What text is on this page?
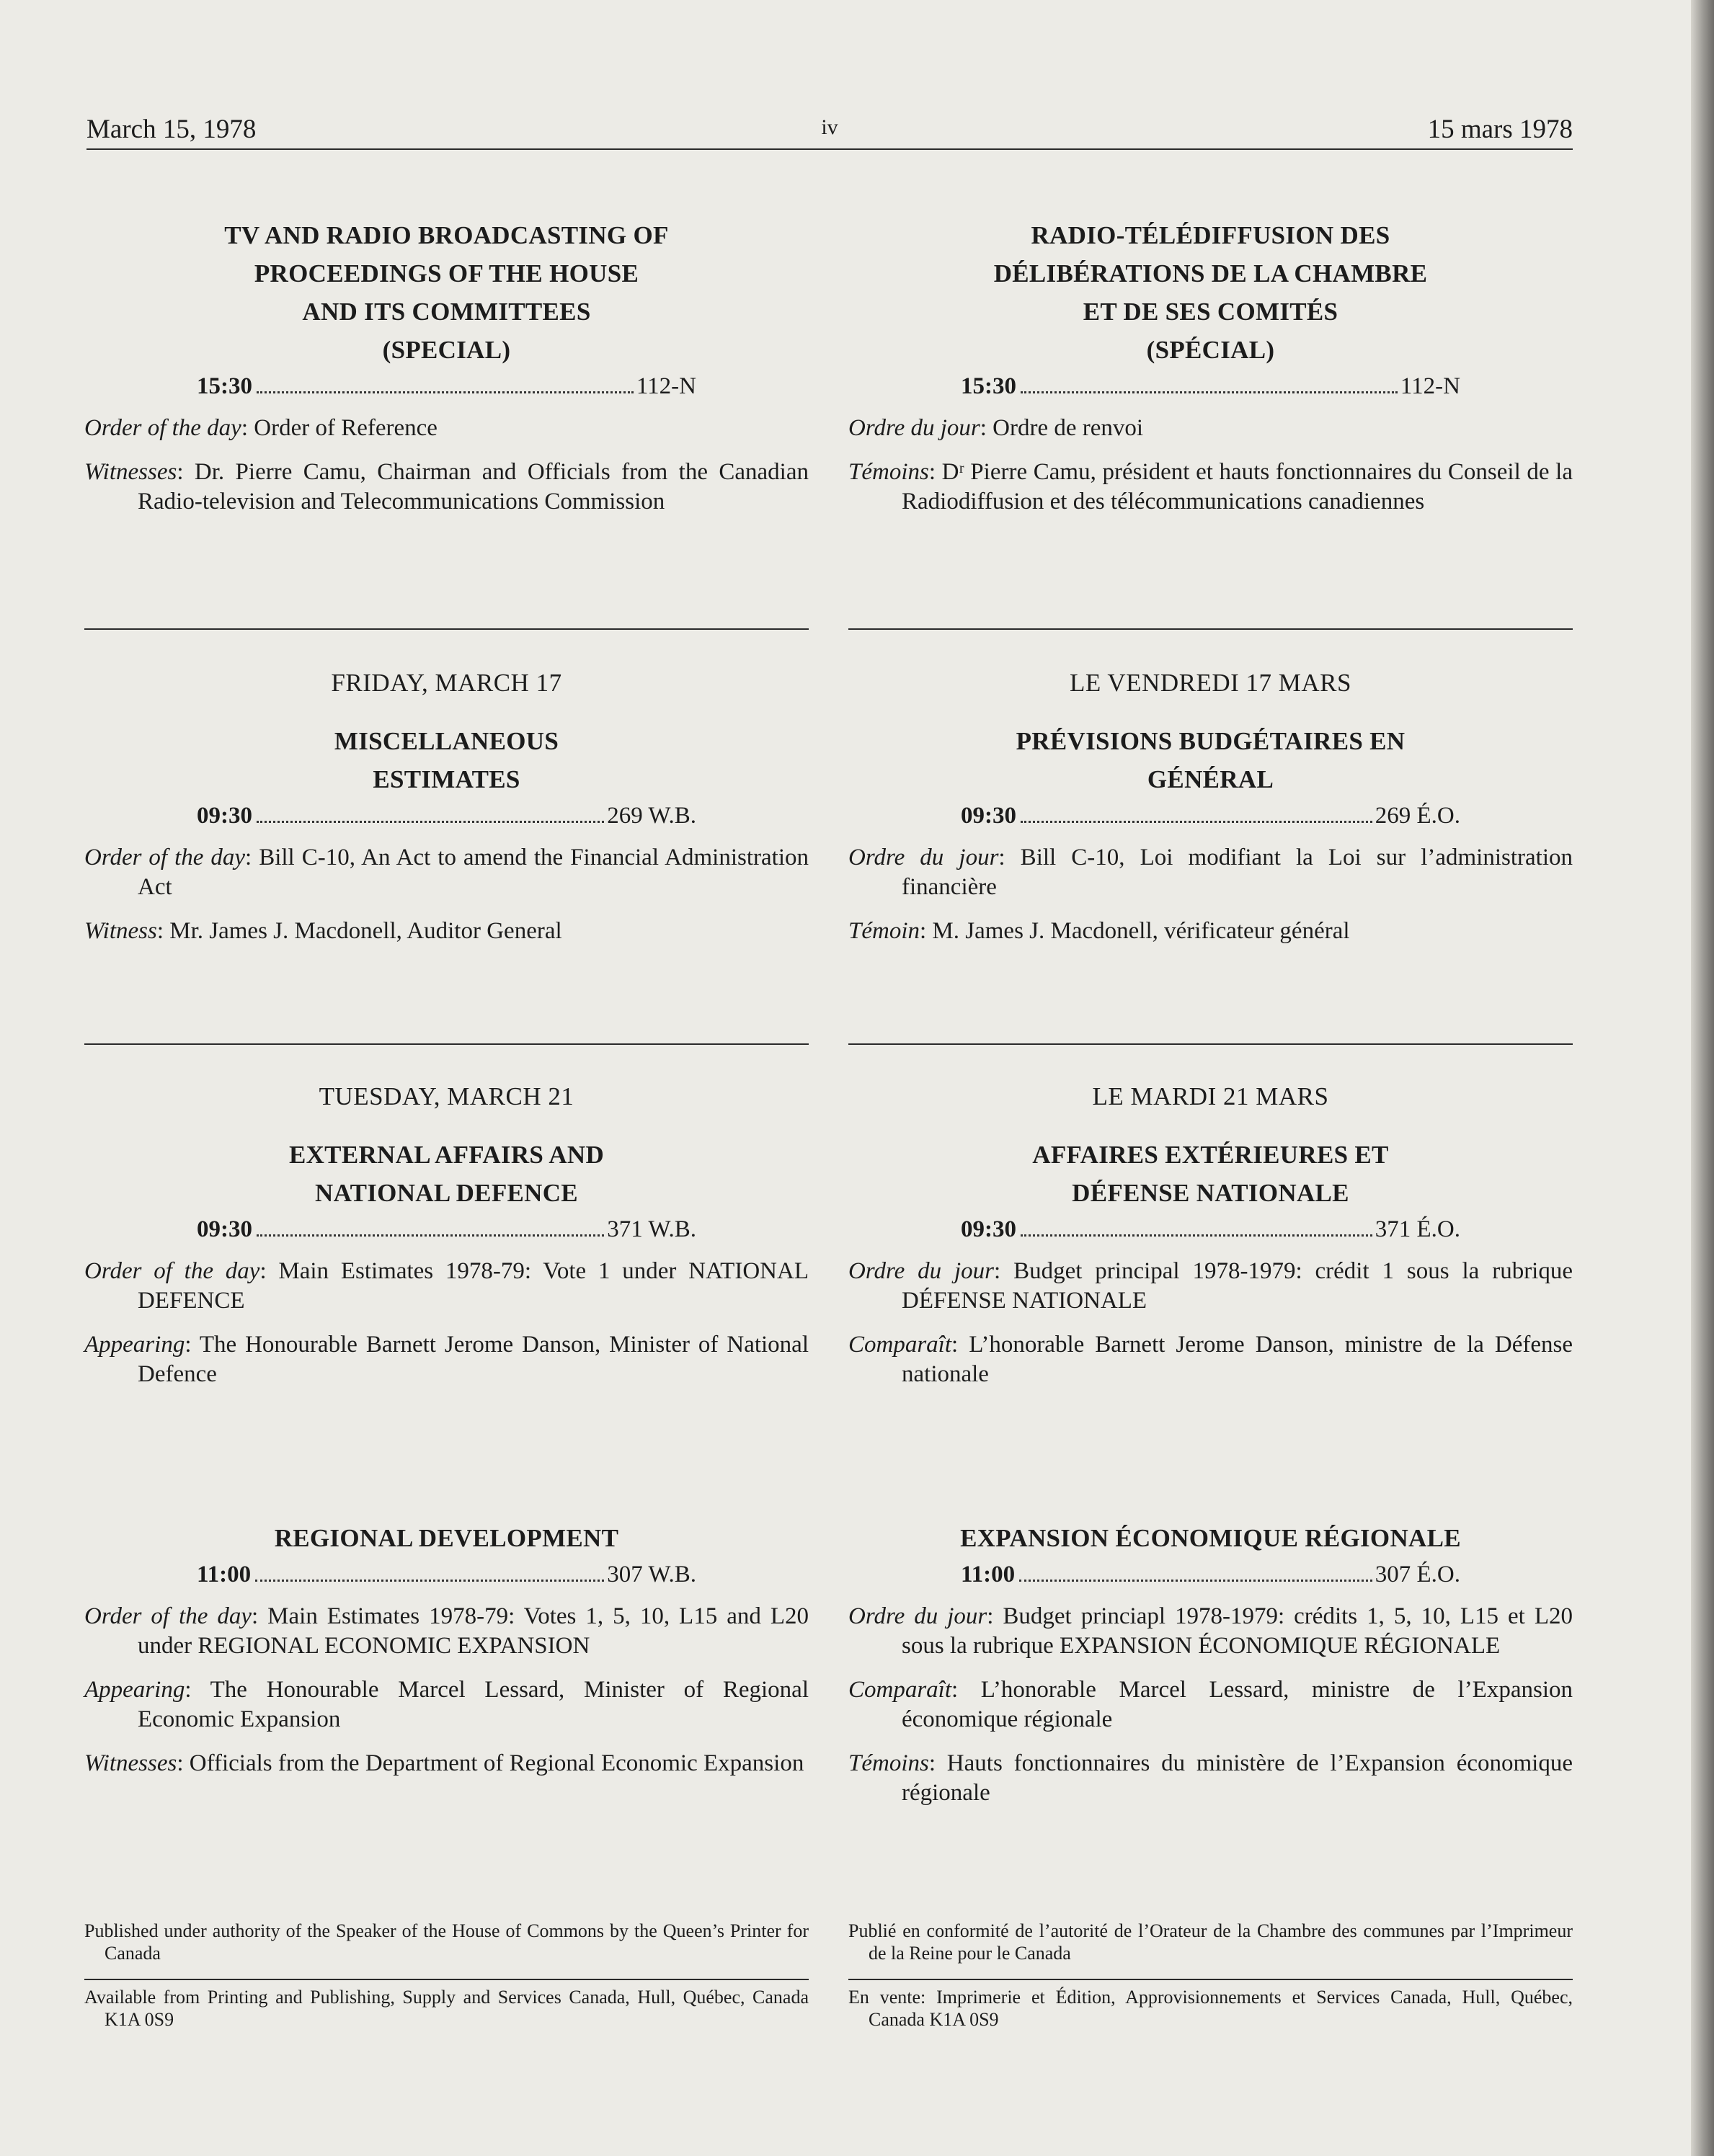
March 15, 1978	iv	15 mars 1978
TV AND RADIO BROADCASTING OF
PROCEEDINGS OF THE HOUSE
AND ITS COMMITTEES
(SPECIAL)
15:30	112-N

Order of the day: Order of Reference

Witnesses: Dr. Pierre Camu, Chairman and Officials from the Canadian Radio-television and Telecommunications Commission

FRIDAY, MARCH 17
MISCELLANEOUS
ESTIMATES
09:30	269 W.B.

Order of the day: Bill C-10, An Act to amend the Financial Administration Act

Witness: Mr. James J. Macdonell, Auditor General

TUESDAY, MARCH 21
EXTERNAL AFFAIRS AND
NATIONAL DEFENCE
09:30	371 W.B.

Order of the day: Main Estimates 1978-79: Vote 1 under NATIONAL DEFENCE

Appearing: The Honourable Barnett Jerome Danson, Minister of National Defence

REGIONAL DEVELOPMENT
11:00	307 W.B.

Order of the day: Main Estimates 1978-79: Votes 1, 5, 10, L15 and L20 under REGIONAL ECONOMIC EXPANSION

Appearing: The Honourable Marcel Lessard, Minister of Regional Economic Expansion

Witnesses: Officials from the Department of Regional Economic Expansion

Published under authority of the Speaker of the House of Commons by the Queen’s Printer for Canada
Available from Printing and Publishing, Supply and Services Canada, Hull, Québec, Canada K1A 0S9
RADIO-TÉLÉDIFFUSION DES
DÉLIBÉRATIONS DE LA CHAMBRE
ET DE SES COMITÉS
(SPÉCIAL)
15:30	112-N

Ordre du jour: Ordre de renvoi

Témoins: Dʳ Pierre Camu, président et hauts fonctionnaires du Conseil de la Radiodiffusion et des télécommunications canadiennes

LE VENDREDI 17 MARS
PRÉVISIONS BUDGÉTAIRES EN
GÉNÉRAL
09:30	269 É.O.

Ordre du jour: Bill C-10, Loi modifiant la Loi sur l’administration financière

Témoin: M. James J. Macdonell, vérificateur général

LE MARDI 21 MARS
AFFAIRES EXTÉRIEURES ET
DÉFENSE NATIONALE
09:30	371 É.O.

Ordre du jour: Budget principal 1978-1979: crédit 1 sous la rubrique DÉFENSE NATIONALE

Comparaît: L’honorable Barnett Jerome Danson, ministre de la Défense nationale

EXPANSION ÉCONOMIQUE RÉGIONALE
11:00	307 É.O.

Ordre du jour: Budget princiapl 1978-1979: crédits 1, 5, 10, L15 et L20 sous la rubrique EXPANSION ÉCONOMIQUE RÉGIONALE

Comparaît: L’honorable Marcel Lessard, ministre de l’Expansion économique régionale

Témoins: Hauts fonctionnaires du ministère de l’Expansion économique régionale

Publié en conformité de l’autorité de l’Orateur de la Chambre des communes par l’Imprimeur de la Reine pour le Canada
En vente: Imprimerie et Édition, Approvisionnements et Services Canada, Hull, Québec, Canada K1A 0S9
